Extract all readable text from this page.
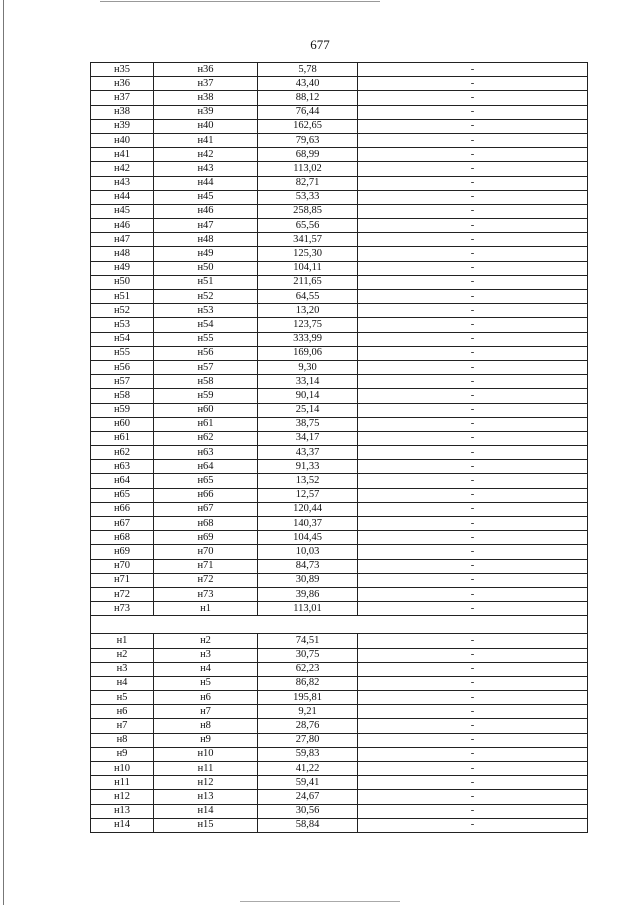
677
н35	н36	5,78	-
н36	н37	43,40	-
н37	н38	88,12	-
н38	н39	76,44	-
н39	н40	162,65	-
н40	н41	79,63	-
н41	н42	68,99	-
н42	н43	113,02	-
н43	н44	82,71	-
н44	н45	53,33	-
н45	н46	258,85	-
н46	н47	65,56	-
н47	н48	341,57	-
н48	н49	125,30	-
н49	н50	104,11	-
н50	н51	211,65	-
н51	н52	64,55	-
н52	н53	13,20	-
н53	н54	123,75	-
н54	н55	333,99	-
н55	н56	169,06	-
н56	н57	9,30	-
н57	н58	33,14	-
н58	н59	90,14	-
н59	н60	25,14	-
н60	н61	38,75	-
н61	н62	34,17	-
н62	н63	43,37	-
н63	н64	91,33	-
н64	н65	13,52	-
н65	н66	12,57	-
н66	н67	120,44	-
н67	н68	140,37	-
н68	н69	104,45	-
н69	н70	10,03	-
н70	н71	84,73	-
н71	н72	30,89	-
н72	н73	39,86	-
н73	н1	113,01	-

н1	н2	74,51	-
н2	н3	30,75	-
н3	н4	62,23	-
н4	н5	86,82	-
н5	н6	195,81	-
н6	н7	9,21	-
н7	н8	28,76	-
н8	н9	27,80	-
н9	н10	59,83	-
н10	н11	41,22	-
н11	н12	59,41	-
н12	н13	24,67	-
н13	н14	30,56	-
н14	н15	58,84	-
